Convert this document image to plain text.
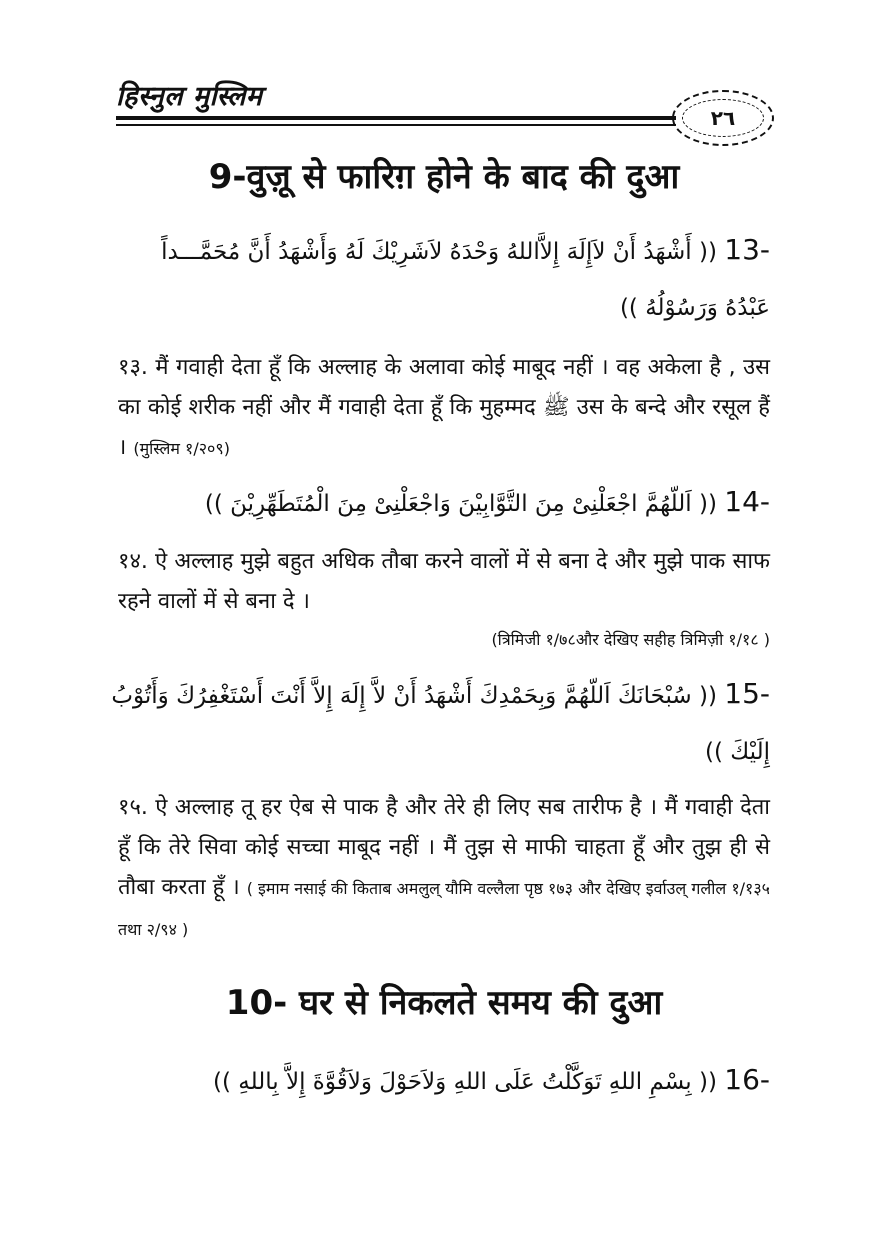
हिस्नुल मुस्लिम
٢٦
9-वुज़ू से फारिग़ होने के बाद की दुआ
13- (( أَشْهَدُ أَنْ لاَإِلَهَ إِلاَّاللهُ وَحْدَهُ لاَشَرِيْكَ لَهُ وَأَشْهَدُ أَنَّ مُحَمَّـــداً عَبْدُهُ وَرَسُوْلُهُ ))
१३. मैं गवाही देता हूँ कि अल्लाह के अलावा कोई माबूद नहीं । वह अकेला है , उस का कोई शरीक नहीं और मैं गवाही देता हूँ कि मुहम्मद ﷺ उस के बन्दे और रसूल हैं । (मुस्लिम १/२०९)
14- (( اَللّهُمَّ اجْعَلْنِىْ مِنَ التَّوَّابِيْنَ وَاجْعَلْنِىْ مِنَ الْمُتَطَهِّرِيْنَ ))
१४. ऐ अल्लाह मुझे बहुत अधिक तौबा करने वालों में से बना दे और मुझे पाक साफ रहने वालों में से बना दे ।
(त्रिमिजी १/७८और देखिए सहीह त्रिमिज़ी १/१८ )
15- (( سُبْحَانَكَ اَللّهُمَّ وَبِحَمْدِكَ أَشْهَدُ أَنْ لاَّ إِلَهَ إِلاَّ أَنْتَ أَسْتَغْفِرُكَ وَأَتُوْبُ إِلَيْكَ ))
१५. ऐ अल्लाह तू हर ऐब से पाक है और तेरे ही लिए सब तारीफ है । मैं गवाही देता हूँ कि तेरे सिवा कोई सच्चा माबूद नहीं । मैं तुझ से माफी चाहता हूँ और तुझ ही से तौबा करता हूँ । ( इमाम नसाई की किताब अमलुल् यौमि वल्लैला पृष्ठ १७३ और देखिए इर्वाउल् गलील १/१३५ तथा २/९४ )
10- घर से निकलते समय की दुआ
16- (( بِسْمِ اللهِ تَوَكَّلْتُ عَلَى اللهِ وَلاَحَوْلَ وَلاَقُوَّةَ إِلاَّ بِاللهِ ))
